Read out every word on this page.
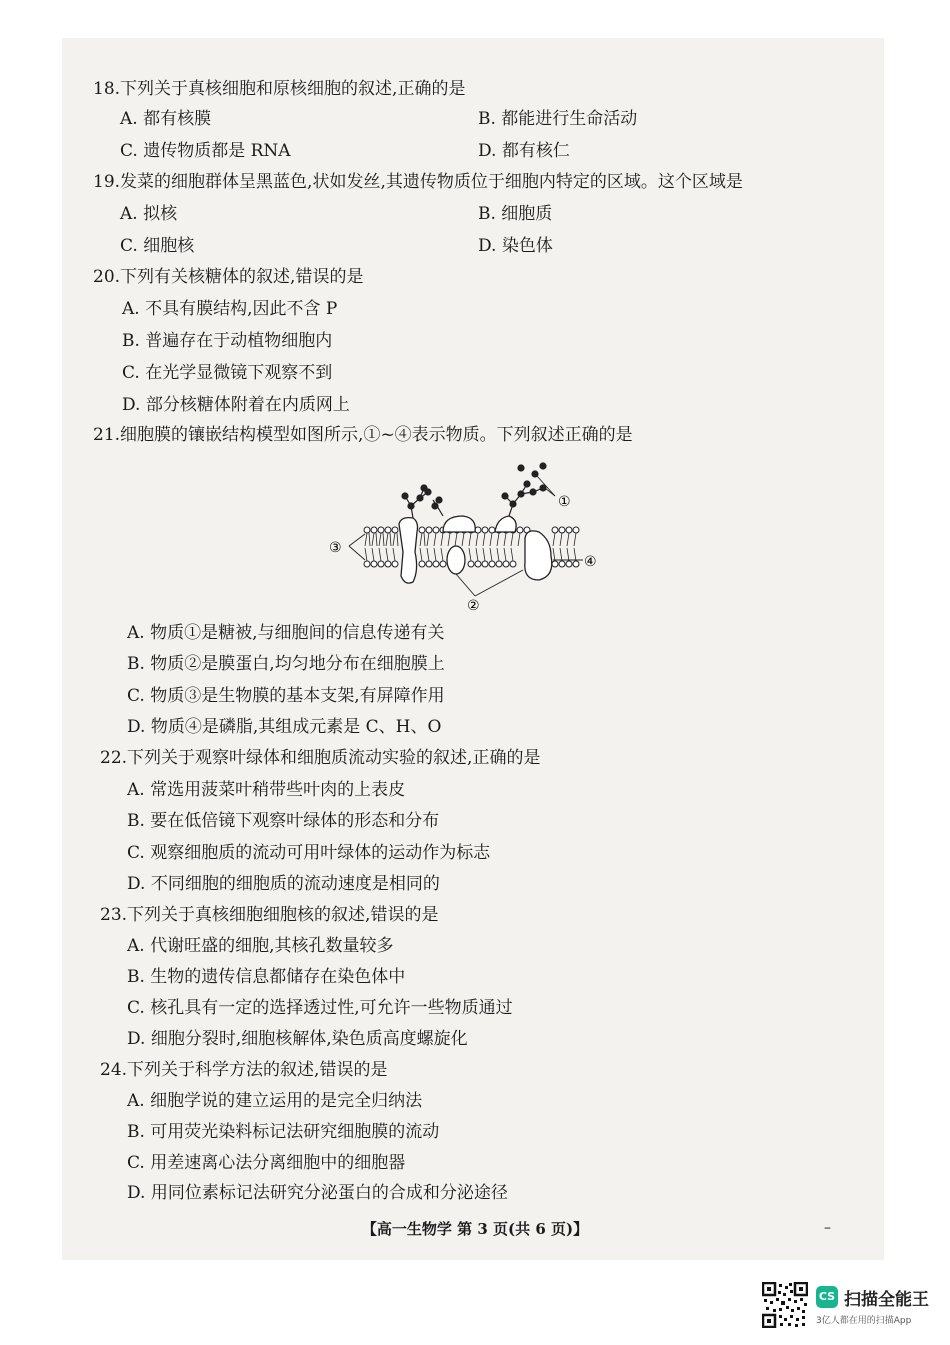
18.下列关于真核细胞和原核细胞的叙述,正确的是
A. 都有核膜	B. 都能进行生命活动
C. 遗传物质都是 RNA	D. 都有核仁
19.发菜的细胞群体呈黑蓝色,状如发丝,其遗传物质位于细胞内特定的区域。这个区域是
A. 拟核	B. 细胞质
C. 细胞核	D. 染色体
20.下列有关核糖体的叙述,错误的是
A. 不具有膜结构,因此不含 P
B. 普遍存在于动植物细胞内
C. 在光学显微镜下观察不到
D. 部分核糖体附着在内质网上
21.细胞膜的镶嵌结构模型如图所示,①~④表示物质。下列叙述正确的是
①
②
③
④
A. 物质①是糖被,与细胞间的信息传递有关
B. 物质②是膜蛋白,均匀地分布在细胞膜上
C. 物质③是生物膜的基本支架,有屏障作用
D. 物质④是磷脂,其组成元素是 C、H、O
22.下列关于观察叶绿体和细胞质流动实验的叙述,正确的是
A. 常选用菠菜叶稍带些叶肉的上表皮
B. 要在低倍镜下观察叶绿体的形态和分布
C. 观察细胞质的流动可用叶绿体的运动作为标志
D. 不同细胞的细胞质的流动速度是相同的
23.下列关于真核细胞细胞核的叙述,错误的是
A. 代谢旺盛的细胞,其核孔数量较多
B. 生物的遗传信息都储存在染色体中
C. 核孔具有一定的选择透过性,可允许一些物质通过
D. 细胞分裂时,细胞核解体,染色质高度螺旋化
24.下列关于科学方法的叙述,错误的是
A. 细胞学说的建立运用的是完全归纳法
B. 可用荧光染料标记法研究细胞膜的流动
C. 用差速离心法分离细胞中的细胞器
D. 用同位素标记法研究分泌蛋白的合成和分泌途径
【高一生物学 第 3 页(共 6 页)】	–
CS 扫描全能王
3亿人都在用的扫描App
